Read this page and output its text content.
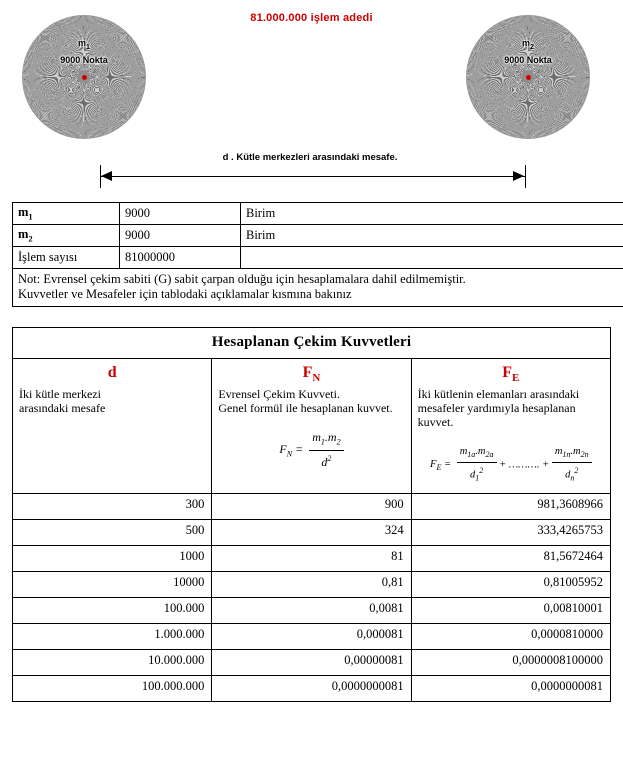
81.000.000 işlem adedi
$m_1$
9000 Nokta
$m_2$
9000 Nokta
d . Kütle merkezleri arasındaki mesafe.
$m_1$	9000	Birim
$m_2$	9000	Birim
İşlem sayısı	81000000	

Not: Evrensel çekim sabiti (G) sabit çarpan olduğu için hesaplamalara dahil edilmemiştir.
Kuvvetler ve Mesafeler için tablodaki açıklamalar kısmına bakınız		
Hesaplanan Çekim Kuvvetleri		

d
İki kütle merkezi
arasındaki mesafe

$F_N$
Evrensel Çekim Kuvveti.
Genel formül ile hesaplanan kuvvet.
$F_N = \frac{m_1.m_2}{d^2}$

$F_E$
İki kütlenin elemanları arasındaki
mesafeler yardımıyla hesaplanan
kuvvet.
$F_E = \frac{m_{1a}.m_{2a}}{d_1^2}$ + ………. + $\frac{m_{1n}.m_{2n}}{d_n^2}$

300	900	981,3608966
500	324	333,4265753
1000	81	81,5672464
10000	0,81	0,81005952
100.000	0,0081	0,00810001
1.000.000	0,000081	0,0000810000
10.000.000	0,00000081	0,0000008100000
100.000.000	0,0000000081	0,0000000081
